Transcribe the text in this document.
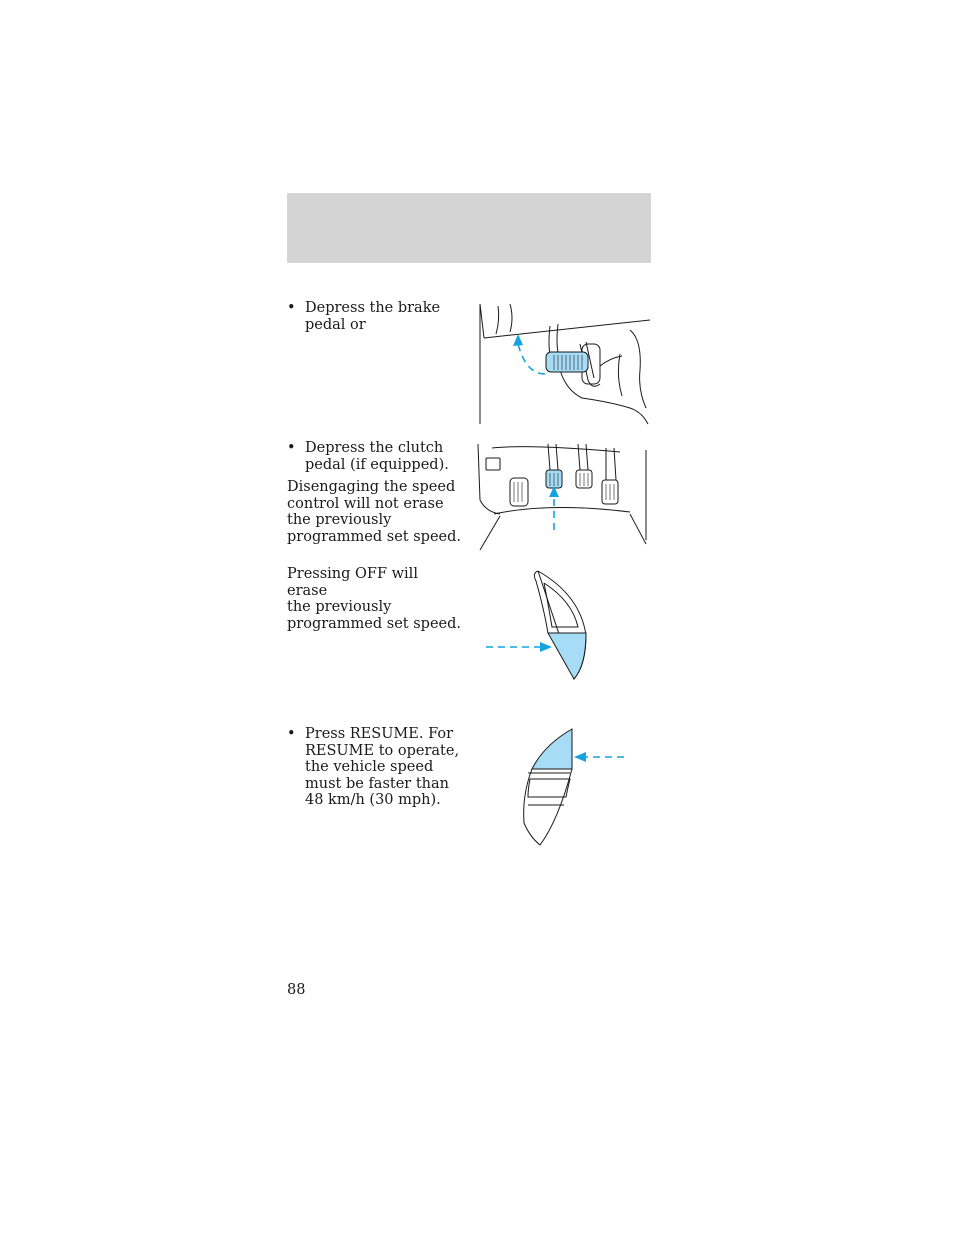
• Depress the brake
pedal or
• Depress the clutch
pedal (if equipped).
Disengaging the speed
control will not erase
the previously
programmed set speed.
Pressing OFF will erase
the previously
programmed set speed.
• Press RESUME. For
RESUME to operate,
the vehicle speed
must be faster than
48 km/h (30 mph).
88
